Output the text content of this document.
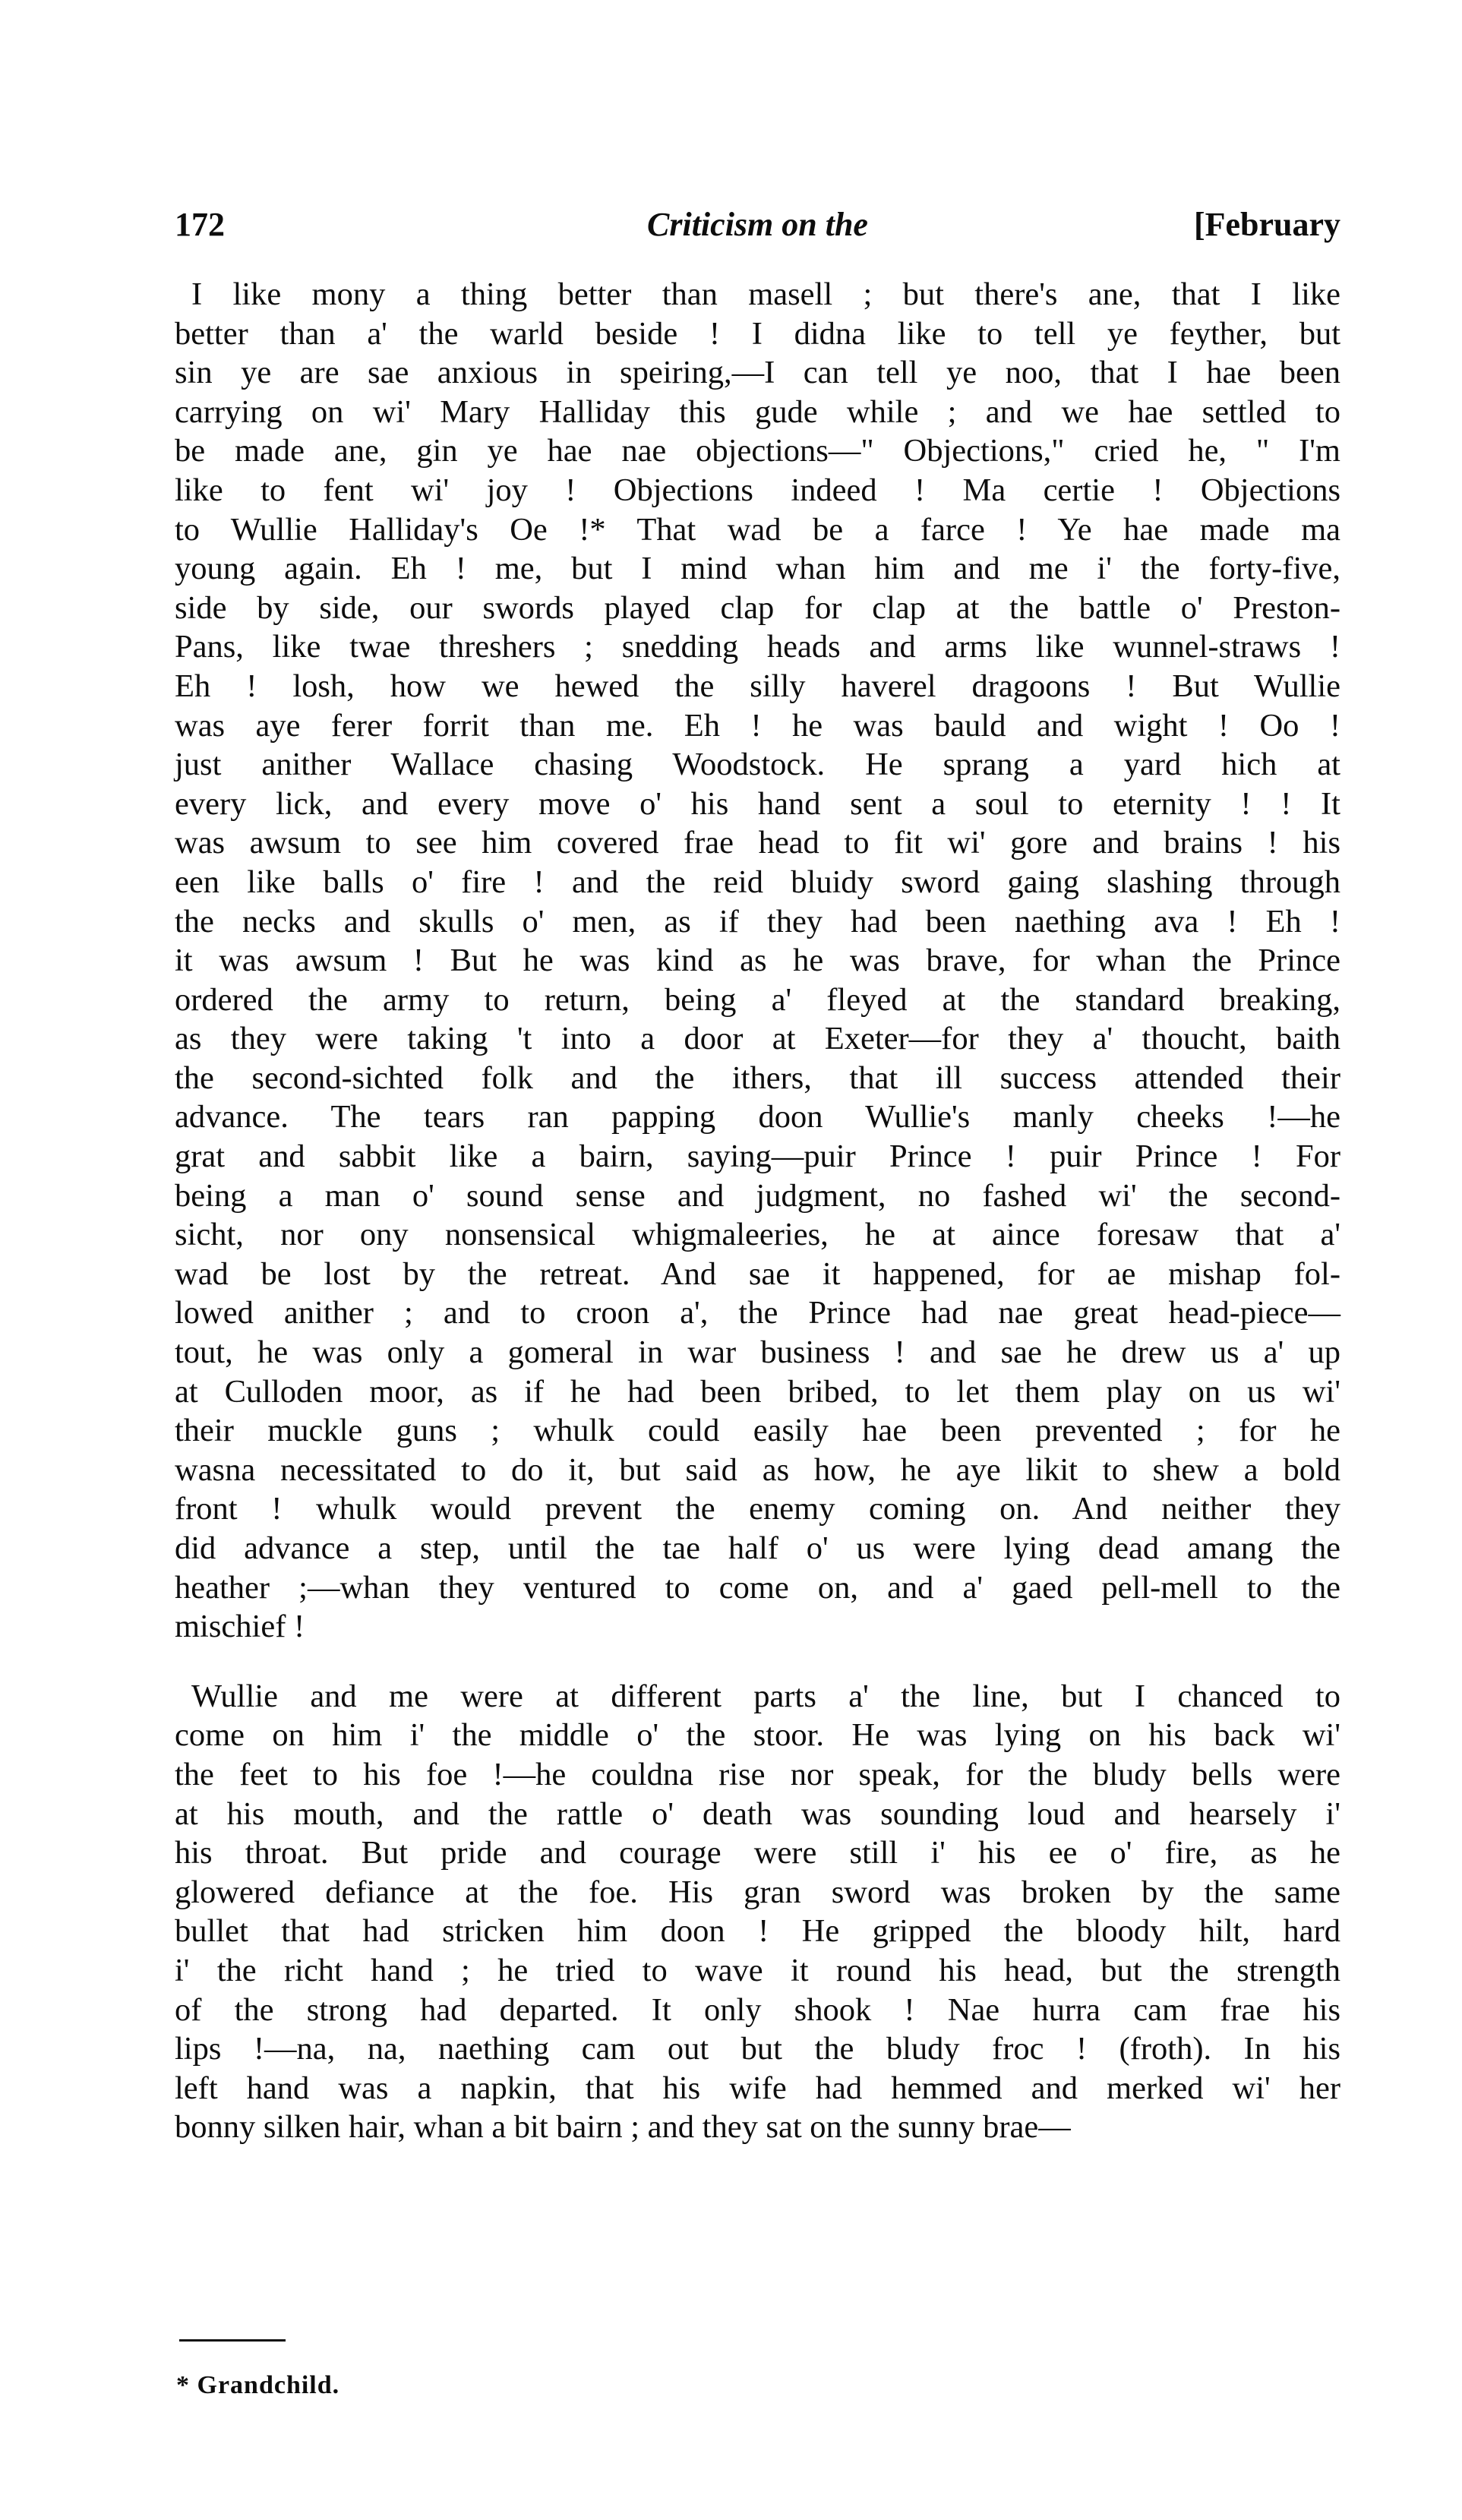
172	Criticism on the	[February
I like mony a thing better than masell ; but there's ane, that I like
better than a' the warld beside ! I didna like to tell ye feyther, but
sin ye are sae anxious in speiring,—I can tell ye noo, that I hae been
carrying on wi' Mary Halliday this gude while ; and we hae settled to
be made ane, gin ye hae nae objections—" Objections," cried he, " I'm
like to fent wi' joy ! Objections indeed ! Ma certie ! Objections
to Wullie Halliday's Oe !* That wad be a farce ! Ye hae made ma
young again. Eh ! me, but I mind whan him and me i' the forty-five,
side by side, our swords played clap for clap at the battle o' Preston-
Pans, like twae threshers ; snedding heads and arms like wunnel-straws !
Eh ! losh, how we hewed the silly haverel dragoons ! But Wullie
was aye ferer forrit than me. Eh ! he was bauld and wight ! Oo !
just anither Wallace chasing Woodstock. He sprang a yard hich at
every lick, and every move o' his hand sent a soul to eternity ! ! It
was awsum to see him covered frae head to fit wi' gore and brains ! his
een like balls o' fire ! and the reid bluidy sword gaing slashing through
the necks and skulls o' men, as if they had been naething ava ! Eh !
it was awsum ! But he was kind as he was brave, for whan the Prince
ordered the army to return, being a' fleyed at the standard breaking,
as they were taking 't into a door at Exeter—for they a' thoucht, baith
the second-sichted folk and the ithers, that ill success attended their
advance. The tears ran papping doon Wullie's manly cheeks !—he
grat and sabbit like a bairn, saying—puir Prince ! puir Prince ! For
being a man o' sound sense and judgment, no fashed wi' the second-
sicht, nor ony nonsensical whigmaleeries, he at aince foresaw that a'
wad be lost by the retreat. And sae it happened, for ae mishap fol-
lowed anither ; and to croon a', the Prince had nae great head-piece—
tout, he was only a gomeral in war business ! and sae he drew us a' up
at Culloden moor, as if he had been bribed, to let them play on us wi'
their muckle guns ; whulk could easily hae been prevented ; for he
wasna necessitated to do it, but said as how, he aye likit to shew a bold
front ! whulk would prevent the enemy coming on. And neither they
did advance a step, until the tae half o' us were lying dead amang the
heather ;—whan they ventured to come on, and a' gaed pell-mell to the
mischief !
Wullie and me were at different parts a' the line, but I chanced to
come on him i' the middle o' the stoor. He was lying on his back wi'
the feet to his foe !—he couldna rise nor speak, for the bludy bells were
at his mouth, and the rattle o' death was sounding loud and hearsely i'
his throat. But pride and courage were still i' his ee o' fire, as he
glowered defiance at the foe. His gran sword was broken by the same
bullet that had stricken him doon ! He gripped the bloody hilt, hard
i' the richt hand ; he tried to wave it round his head, but the strength
of the strong had departed. It only shook ! Nae hurra cam frae his
lips !—na, na, naething cam out but the bludy froc ! (froth). In his
left hand was a napkin, that his wife had hemmed and merked wi' her
bonny silken hair, whan a bit bairn ; and they sat on the sunny brae—
* Grandchild.
